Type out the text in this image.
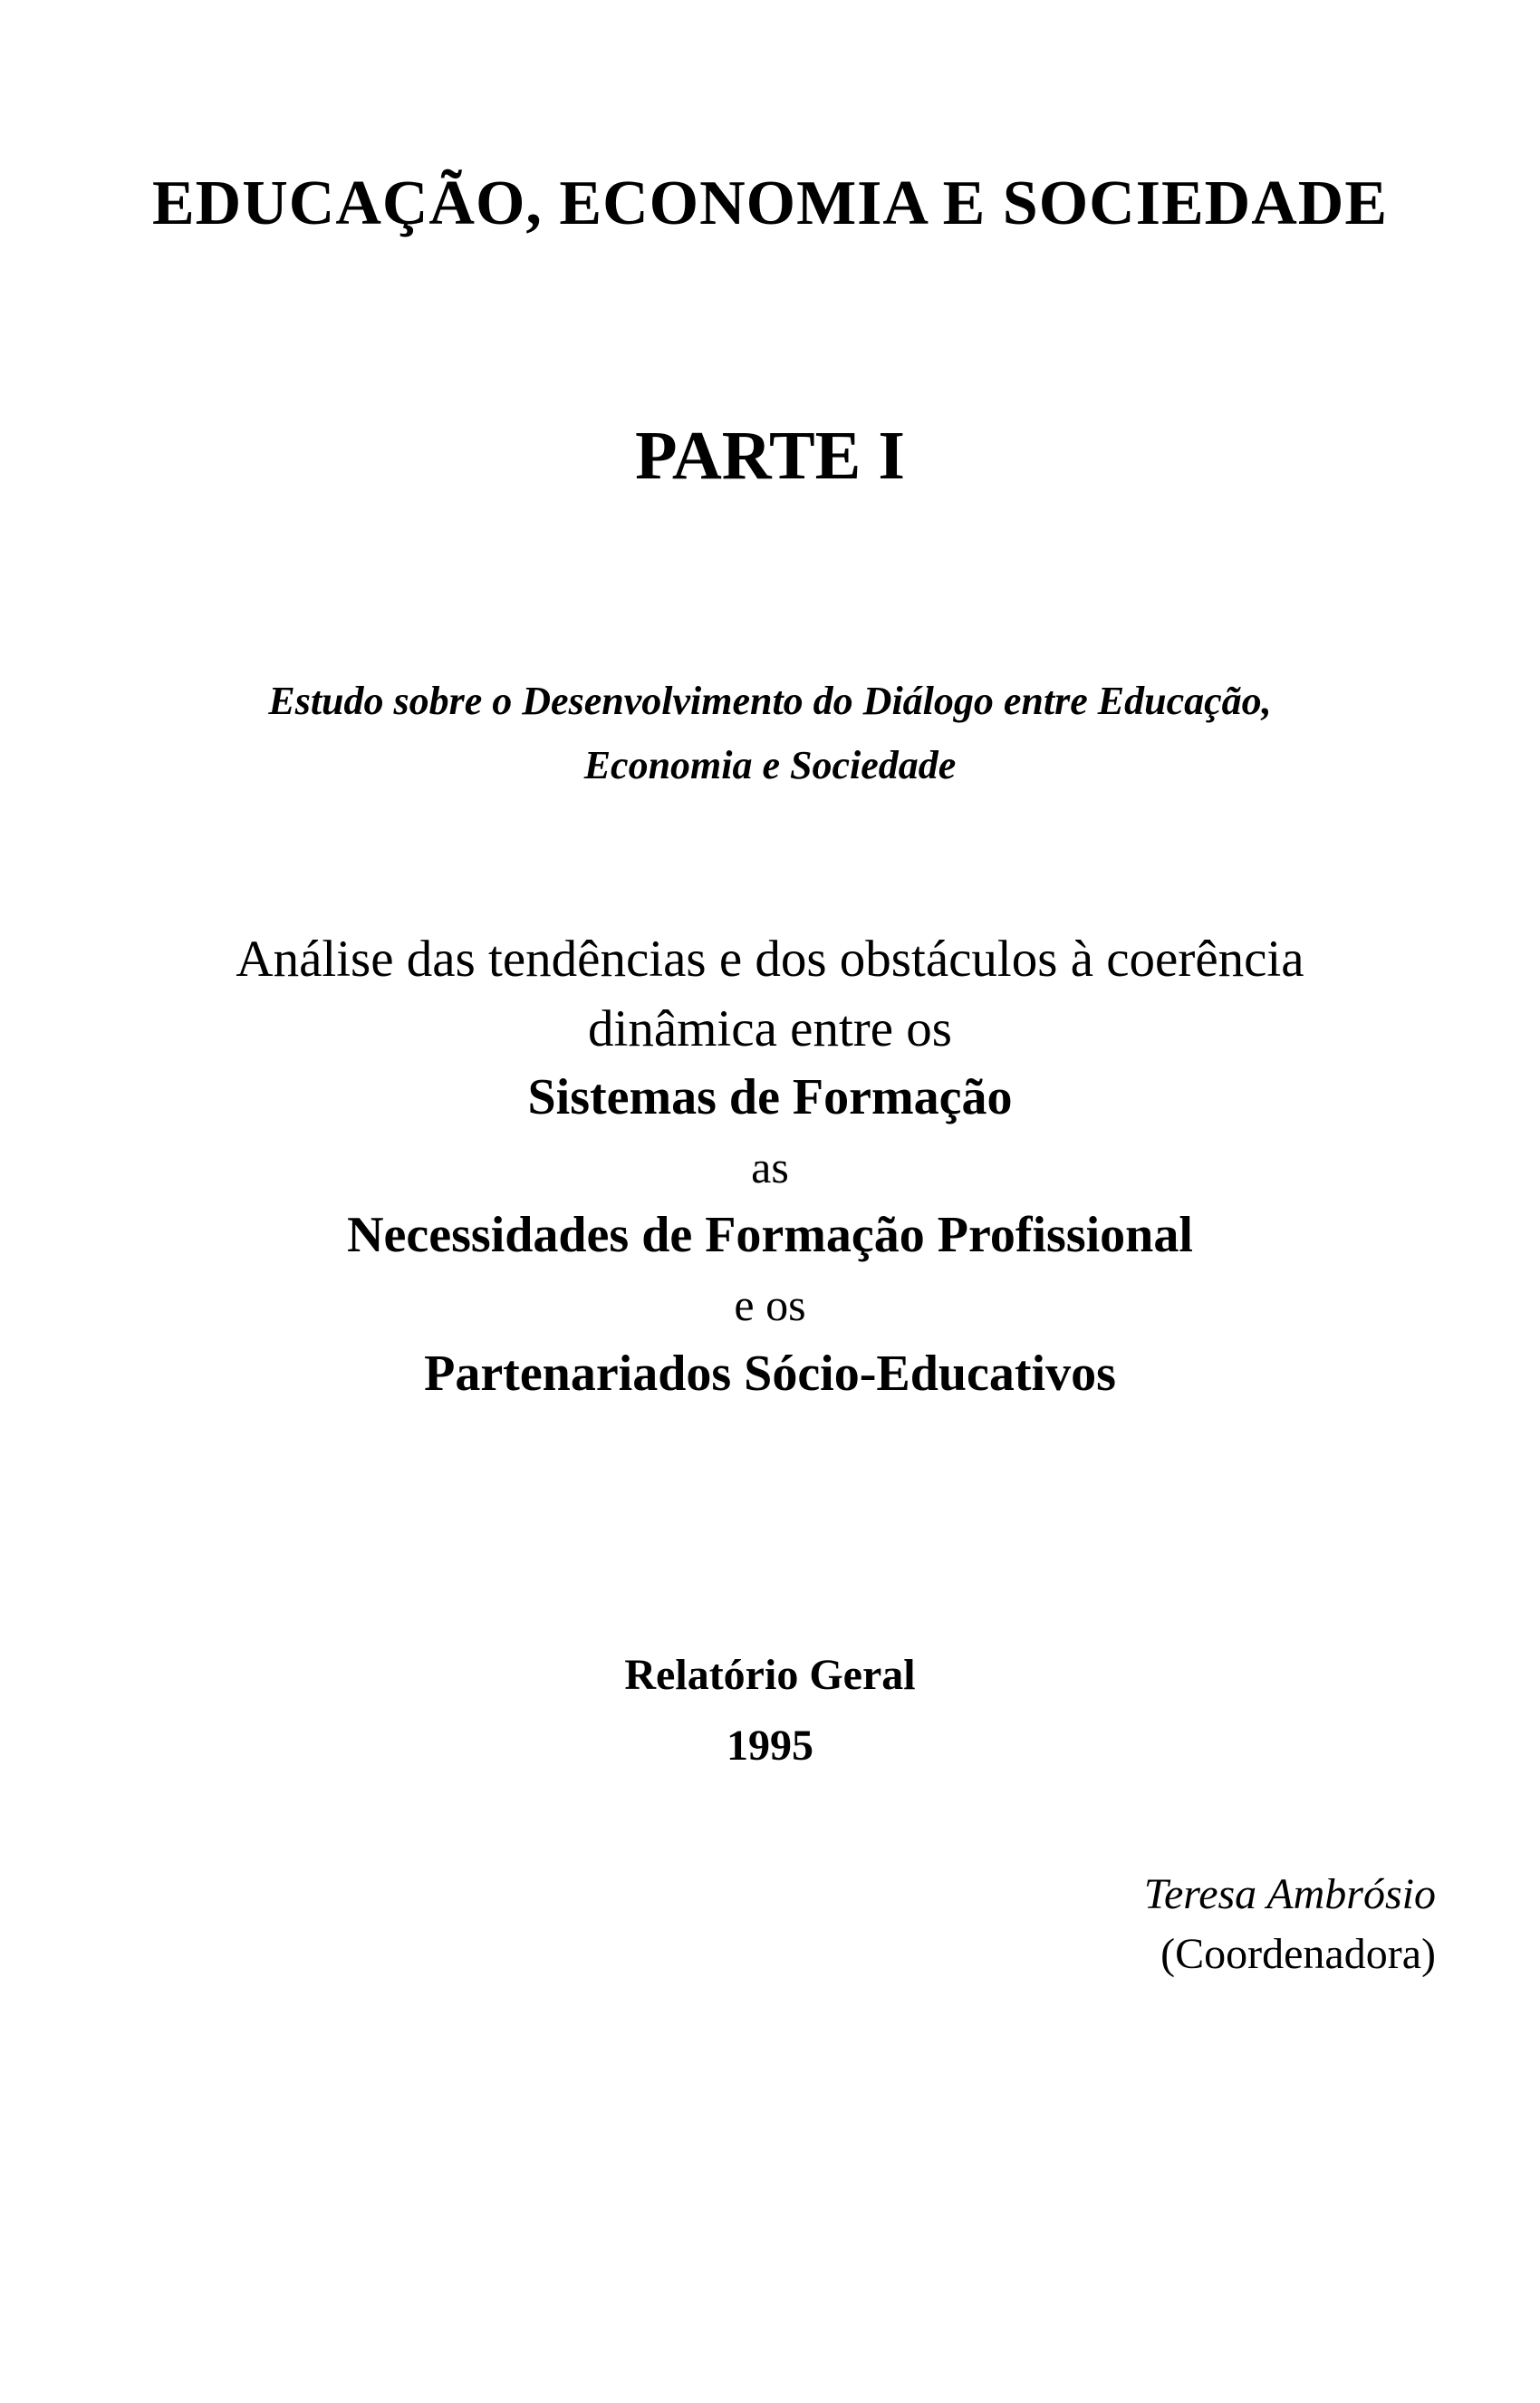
EDUCAÇÃO, ECONOMIA E SOCIEDADE
PARTE I
Estudo sobre o Desenvolvimento do Diálogo entre Educação,
Economia e Sociedade
Análise das tendências e dos obstáculos à coerência
dinâmica entre os
Sistemas de Formação
as
Necessidades de Formação Profissional
e os
Partenariados Sócio-Educativos
Relatório Geral
1995
Teresa Ambrósio
(Coordenadora)
